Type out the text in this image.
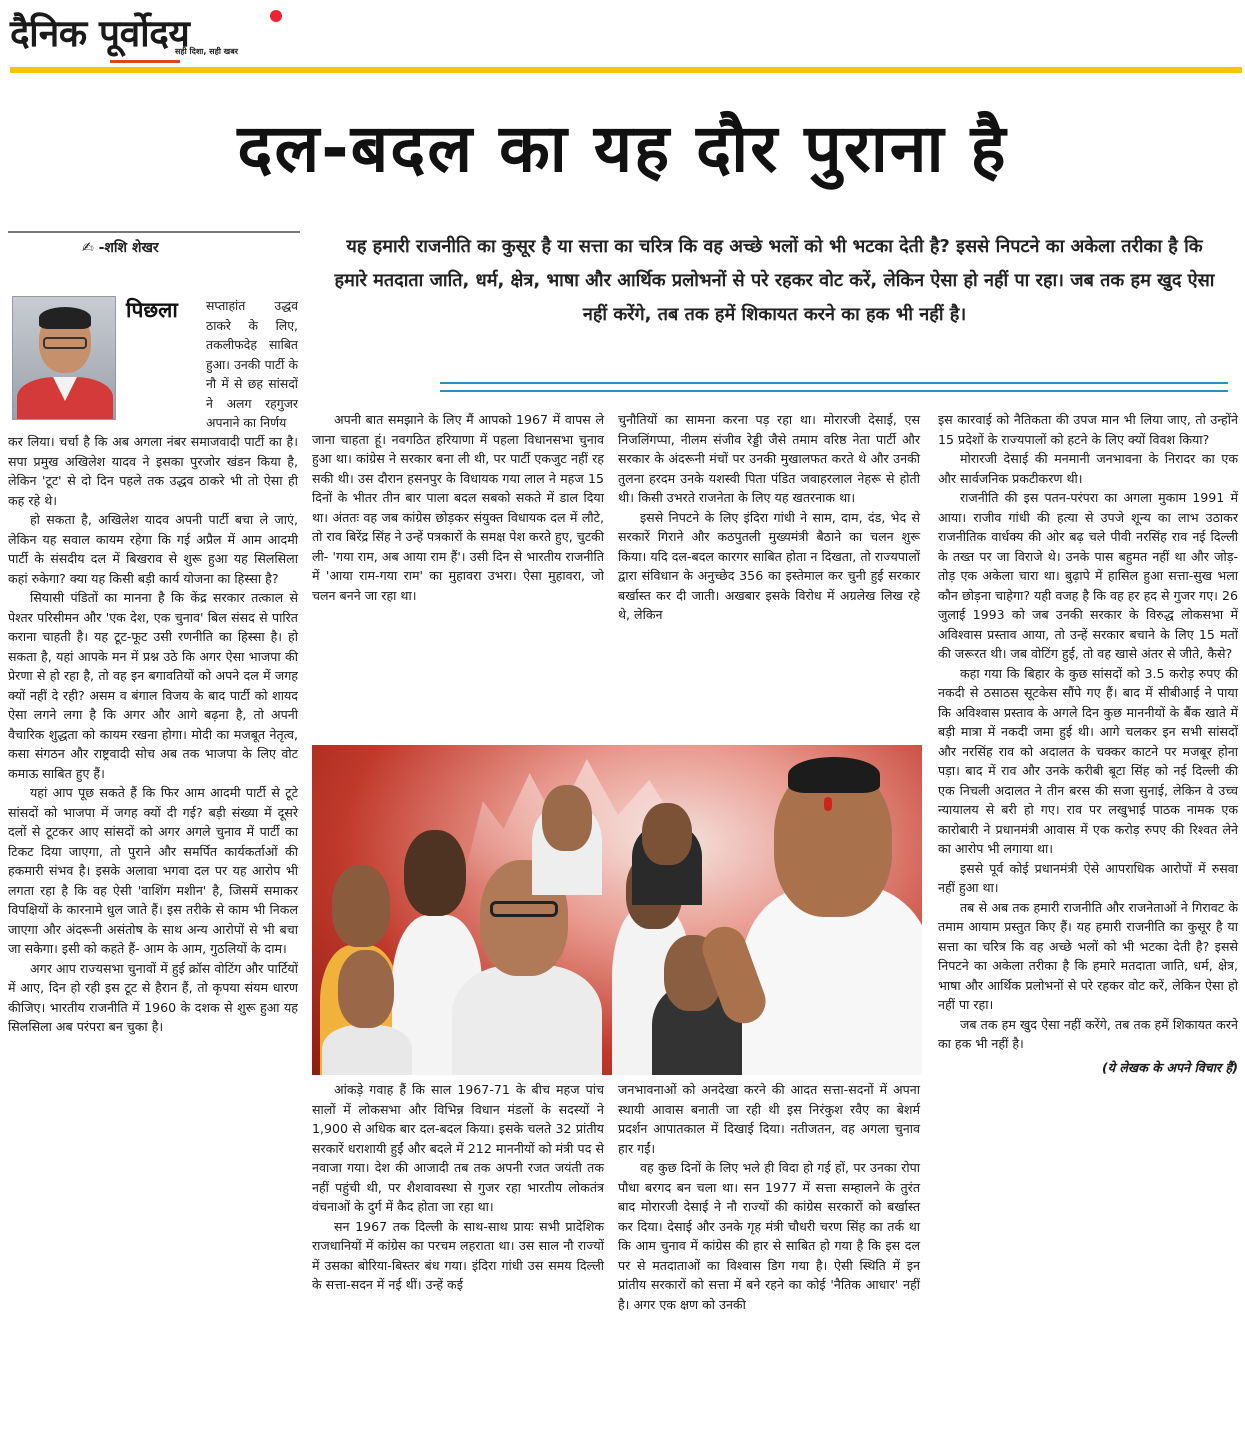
दैनिक पूर्वोदय
सही दिशा, सही खबर
दल-बदल का यह दौर पुराना है
✍ -शशि शेखर	यह हमारी राजनीति का कुसूर है या सत्ता का चरित्र कि वह अच्छे भलों को भी भटका देती है? इससे निपटने का अकेला तरीका है कि हमारे मतदाता जाति, धर्म, क्षेत्र, भाषा और आर्थिक प्रलोभनों से परे रहकर वोट करें, लेकिन ऐसा हो नहीं पा रहा। जब तक हम खुद ऐसा नहीं करेंगे, तब तक हमें शिकायत करने का हक भी नहीं है।
पिछला सप्ताहांत उद्धव ठाकरे के लिए, तकलीफदेह साबित हुआ। उनकी पार्टी के नौ में से छह सांसदों ने अलग रहगुजर अपनाने का निर्णय

कर लिया। चर्चा है कि अब अगला नंबर समाजवादी पार्टी का है। सपा प्रमुख अखिलेश यादव ने इसका पुरजोर खंडन किया है, लेकिन 'टूट' से दो दिन पहले तक उद्धव ठाकरे भी तो ऐसा ही कह रहे थे।

हो सकता है, अखिलेश यादव अपनी पार्टी बचा ले जाएं, लेकिन यह सवाल कायम रहेगा कि गई अप्रैल में आम आदमी पार्टी के संसदीय दल में बिखराव से शुरू हुआ यह सिलसिला कहां रुकेगा? क्या यह किसी बड़ी कार्य योजना का हिस्सा है?

सियासी पंडितों का मानना है कि केंद्र सरकार तत्काल से पेश्तर परिसीमन और 'एक देश, एक चुनाव' बिल संसद से पारित कराना चाहती है। यह टूट-फूट उसी रणनीति का हिस्सा है। हो सकता है, यहां आपके मन में प्रश्न उठे कि अगर ऐसा भाजपा की प्रेरणा से हो रहा है, तो वह इन बगावतियों को अपने दल में जगह क्यों नहीं दे रही? असम व बंगाल विजय के बाद पार्टी को शायद ऐसा लगने लगा है कि अगर और आगे बढ़ना है, तो अपनी वैचारिक शुद्धता को कायम रखना होगा। मोदी का मजबूत नेतृत्व, कसा संगठन और राष्ट्रवादी सोच अब तक भाजपा के लिए वोट कमाऊ साबित हुए हैं।

यहां आप पूछ सकते हैं कि फिर आम आदमी पार्टी से टूटे सांसदों को भाजपा में जगह क्यों दी गई? बड़ी संख्या में दूसरे दलों से टूटकर आए सांसदों को अगर अगले चुनाव में पार्टी का टिकट दिया जाएगा, तो पुराने और समर्पित कार्यकर्ताओं की हकमारी संभव है। इसके अलावा भगवा दल पर यह आरोप भी लगता रहा है कि वह ऐसी 'वाशिंग मशीन' है, जिसमें समाकर विपक्षियों के कारनामे धुल जाते हैं। इस तरीके से काम भी निकल जाएगा और अंदरूनी असंतोष के साथ अन्य आरोपों से भी बचा जा सकेगा। इसी को कहते हैं- आम के आम, गुठलियों के दाम।

अगर आप राज्यसभा चुनावों में हुई क्रॉस वोटिंग और पार्टियों में आए, दिन हो रही इस टूट से हैरान हैं, तो कृपया संयम धारण कीजिए। भारतीय राजनीति में 1960 के दशक से शुरू हुआ यह सिलसिला अब परंपरा बन चुका है।

अपनी बात समझाने के लिए मैं आपको 1967 में वापस ले जाना चाहता हूं। नवगठित हरियाणा में पहला विधानसभा चुनाव हुआ था। कांग्रेस ने सरकार बना ली थी, पर पार्टी एकजुट नहीं रह सकी थी। उस दौरान हसनपुर के विधायक गया लाल ने महज 15 दिनों के भीतर तीन बार पाला बदल सबको सकते में डाल दिया था। अंततः वह जब कांग्रेस छोड़कर संयुक्त विधायक दल में लौटे, तो राव बिरेंद्र सिंह ने उन्हें पत्रकारों के समक्ष पेश करते हुए, चुटकी ली- 'गया राम, अब आया राम हैं'। उसी दिन से भारतीय राजनीति में 'आया राम-गया राम' का मुहावरा उभरा। ऐसा मुहावरा, जो चलन बनने जा रहा था।

चुनौतियों का सामना करना पड़ रहा था। मोरारजी देसाई, एस निजलिंगप्पा, नीलम संजीव रेड्डी जैसे तमाम वरिष्ठ नेता पार्टी और सरकार के अंदरूनी मंचों पर उनकी मुखालफत करते थे और उनकी तुलना हरदम उनके यशस्वी पिता पंडित जवाहरलाल नेहरू से होती थी। किसी उभरते राजनेता के लिए यह खतरनाक था।

इससे निपटने के लिए इंदिरा गांधी ने साम, दाम, दंड, भेद से सरकारें गिराने और कठपुतली मुख्यमंत्री बैठाने का चलन शुरू किया। यदि दल-बदल कारगर साबित होता न दिखता, तो राज्यपालों द्वारा संविधान के अनुच्छेद 356 का इस्तेमाल कर चुनी हुई सरकार बर्खास्त कर दी जाती। अखबार इसके विरोध में अग्रलेख लिख रहे थे, लेकिन

आंकड़े गवाह हैं कि साल 1967-71 के बीच महज पांच सालों में लोकसभा और विभिन्न विधान मंडलों के सदस्यों ने 1,900 से अधिक बार दल-बदल किया। इसके चलते 32 प्रांतीय सरकारें धराशायी हुईं और बदले में 212 माननीयों को मंत्री पद से नवाजा गया। देश की आजादी तब तक अपनी रजत जयंती तक नहीं पहुंची थी, पर शैशवावस्था से गुजर रहा भारतीय लोकतंत्र वंचनाओं के दुर्ग में कैद होता जा रहा था।

सन 1967 तक दिल्ली के साथ-साथ प्रायः सभी प्रादेशिक राजधानियों में कांग्रेस का परचम लहराता था। उस साल नौ राज्यों में उसका बोरिया-बिस्तर बंध गया। इंदिरा गांधी उस समय दिल्ली के सत्ता-सदन में नई थीं। उन्हें कई

जनभावनाओं को अनदेखा करने की आदत सत्ता-सदनों में अपना स्थायी आवास बनाती जा रही थी इस निरंकुश रवैए का बेशर्म प्रदर्शन आपातकाल में दिखाई दिया। नतीजतन, वह अगला चुनाव हार गईं।

वह कुछ दिनों के लिए भले ही विदा हो गई हों, पर उनका रोपा पौधा बरगद बन चला था। सन 1977 में सत्ता सम्हालने के तुरंत बाद मोरारजी देसाई ने नौ राज्यों की कांग्रेस सरकारों को बर्खास्त कर दिया। देसाई और उनके गृह मंत्री चौधरी चरण सिंह का तर्क था कि आम चुनाव में कांग्रेस की हार से साबित हो गया है कि इस दल पर से मतदाताओं का विश्वास डिग गया है। ऐसी स्थिति में इन प्रांतीय सरकारों को सत्ता में बने रहने का कोई 'नैतिक आधार' नहीं है। अगर एक क्षण को उनकी

इस कारवाई को नैतिकता की उपज मान भी लिया जाए, तो उन्होंने 15 प्रदेशों के राज्यपालों को हटने के लिए क्यों विवश किया?

मोरारजी देसाई की मनमानी जनभावना के निरादर का एक और सार्वजनिक प्रकटीकरण थी।

राजनीति की इस पतन-परंपरा का अगला मुकाम 1991 में आया। राजीव गांधी की हत्या से उपजे शून्य का लाभ उठाकर राजनीतिक वार्धक्य की ओर बढ़ चले पीवी नरसिंह राव नई दिल्ली के तख्त पर जा विराजे थे। उनके पास बहुमत नहीं था और जोड़-तोड़ एक अकेला चारा था। बुढ़ापे में हासिल हुआ सत्ता-सुख भला कौन छोड़ना चाहेगा? यही वजह है कि वह हर हद से गुजर गए। 26 जुलाई 1993 को जब उनकी सरकार के विरुद्ध लोकसभा में अविश्वास प्रस्ताव आया, तो उन्हें सरकार बचाने के लिए 15 मतों की जरूरत थी। जब वोटिंग हुई, तो वह खासे अंतर से जीते, कैसे?

कहा गया कि बिहार के कुछ सांसदों को 3.5 करोड़ रुपए की नकदी से ठसाठस सूटकेस सौंपे गए हैं। बाद में सीबीआई ने पाया कि अविश्वास प्रस्ताव के अगले दिन कुछ माननीयों के बैंक खाते में बड़ी मात्रा में नकदी जमा हुई थी। आगे चलकर इन सभी सांसदों और नरसिंह राव को अदालत के चक्कर काटने पर मजबूर होना पड़ा। बाद में राव और उनके करीबी बूटा सिंह को नई दिल्ली की एक निचली अदालत ने तीन बरस की सजा सुनाई, लेकिन वे उच्च न्यायालय से बरी हो गए। राव पर लखुभाई पाठक नामक एक कारोबारी ने प्रधानमंत्री आवास में एक करोड़ रुपए की रिश्वत लेने का आरोप भी लगाया था।

इससे पूर्व कोई प्रधानमंत्री ऐसे आपराधिक आरोपों में रुसवा नहीं हुआ था।

तब से अब तक हमारी राजनीति और राजनेताओं ने गिरावट के तमाम आयाम प्रस्तुत किए हैं। यह हमारी राजनीति का कुसूर है या सत्ता का चरित्र कि वह अच्छे भलों को भी भटका देती है? इससे निपटने का अकेला तरीका है कि हमारे मतदाता जाति, धर्म, क्षेत्र, भाषा और आर्थिक प्रलोभनों से परे रहकर वोट करें, लेकिन ऐसा हो नहीं पा रहा।

जब तक हम खुद ऐसा नहीं करेंगे, तब तक हमें शिकायत करने का हक भी नहीं है।

(ये लेखक के अपने विचार हैं)
